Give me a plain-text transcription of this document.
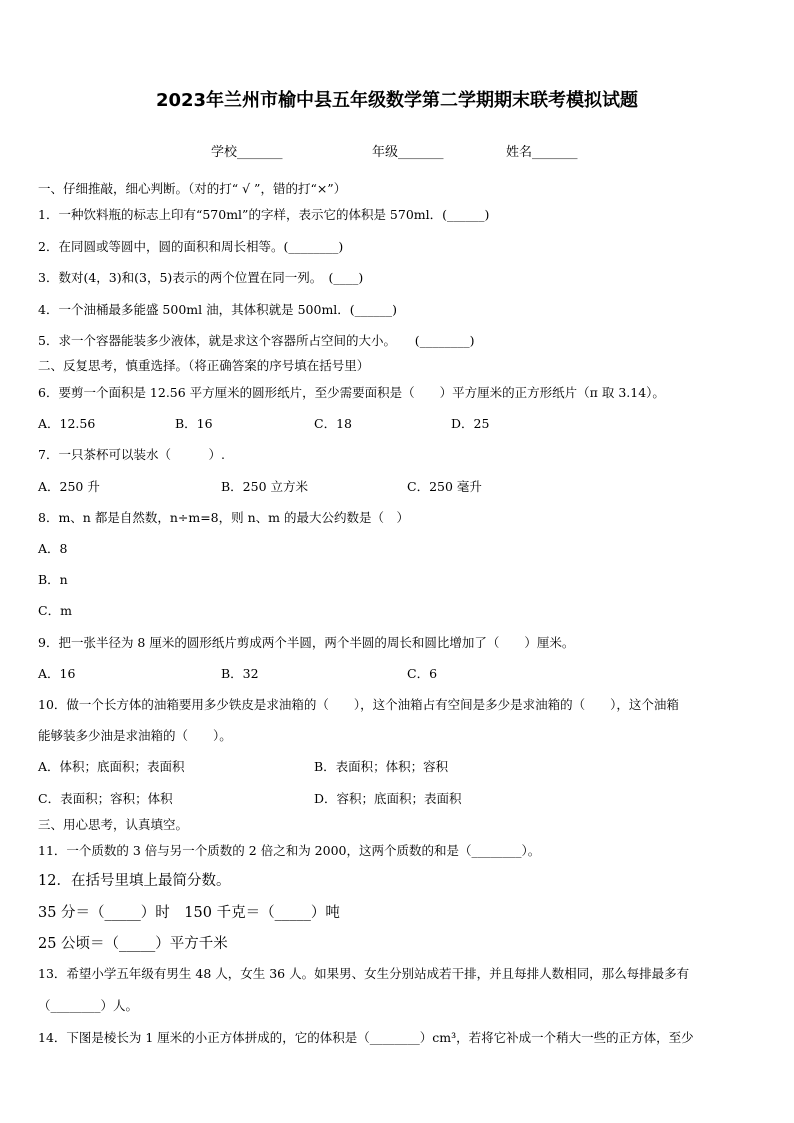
2023年兰州市榆中县五年级数学第二学期期末联考模拟试题
学校_______	年级_______	姓名_______
一、仔细推敲，细心判断。（对的打“ √ ”，错的打“×”）
1．一种饮料瓶的标志上印有“570ml”的字样，表示它的体积是 570ml．(______)
2．在同圆或等圆中，圆的面积和周长相等。(________)
3．数对(4，3)和(3，5)表示的两个位置在同一列。　(____)
4．一个油桶最多能盛 500ml 油，其体积就是 500ml．(______)
5．求一个容器能装多少液体，就是求这个容器所占空间的大小。　　(________)
二、反复思考，慎重选择。（将正确答案的序号填在括号里）
6．要剪一个面积是 12.56 平方厘米的圆形纸片，至少需要面积是（　　）平方厘米的正方形纸片（π 取 3.14）。
A．12.56	B．16	C．18	D．25
7．一只茶杯可以装水（　　　）.
A．250 升	B．250 立方米	C．250 毫升
8．m、n 都是自然数，n÷m=8，则 n、m 的最大公约数是（　）
A．8
B．n
C．m
9．把一张半径为 8 厘米的圆形纸片剪成两个半圆，两个半圆的周长和圆比增加了（　　）厘米。
A．16	B．32	C．6
10．做一个长方体的油箱要用多少铁皮是求油箱的（　　），这个油箱占有空间是多少是求油箱的（　　），这个油箱
能够装多少油是求油箱的（　　）。
A．体积；底面积；表面积	B．表面积；体积；容积
C．表面积；容积；体积	D．容积；底面积；表面积
三、用心思考，认真填空。
11．一个质数的 3 倍与另一个质数的 2 倍之和为 2000，这两个质数的和是（________）。
12．在括号里填上最简分数。
35 分＝（_____）时　150 千克＝（_____）吨
25 公顷＝（_____）平方千米
13．希望小学五年级有男生 48 人，女生 36 人。如果男、女生分别站成若干排，并且每排人数相同，那么每排最多有
（________）人。
14．下图是棱长为 1 厘米的小正方体拼成的，它的体积是（________）cm³，若将它补成一个稍大一些的正方体，至少
